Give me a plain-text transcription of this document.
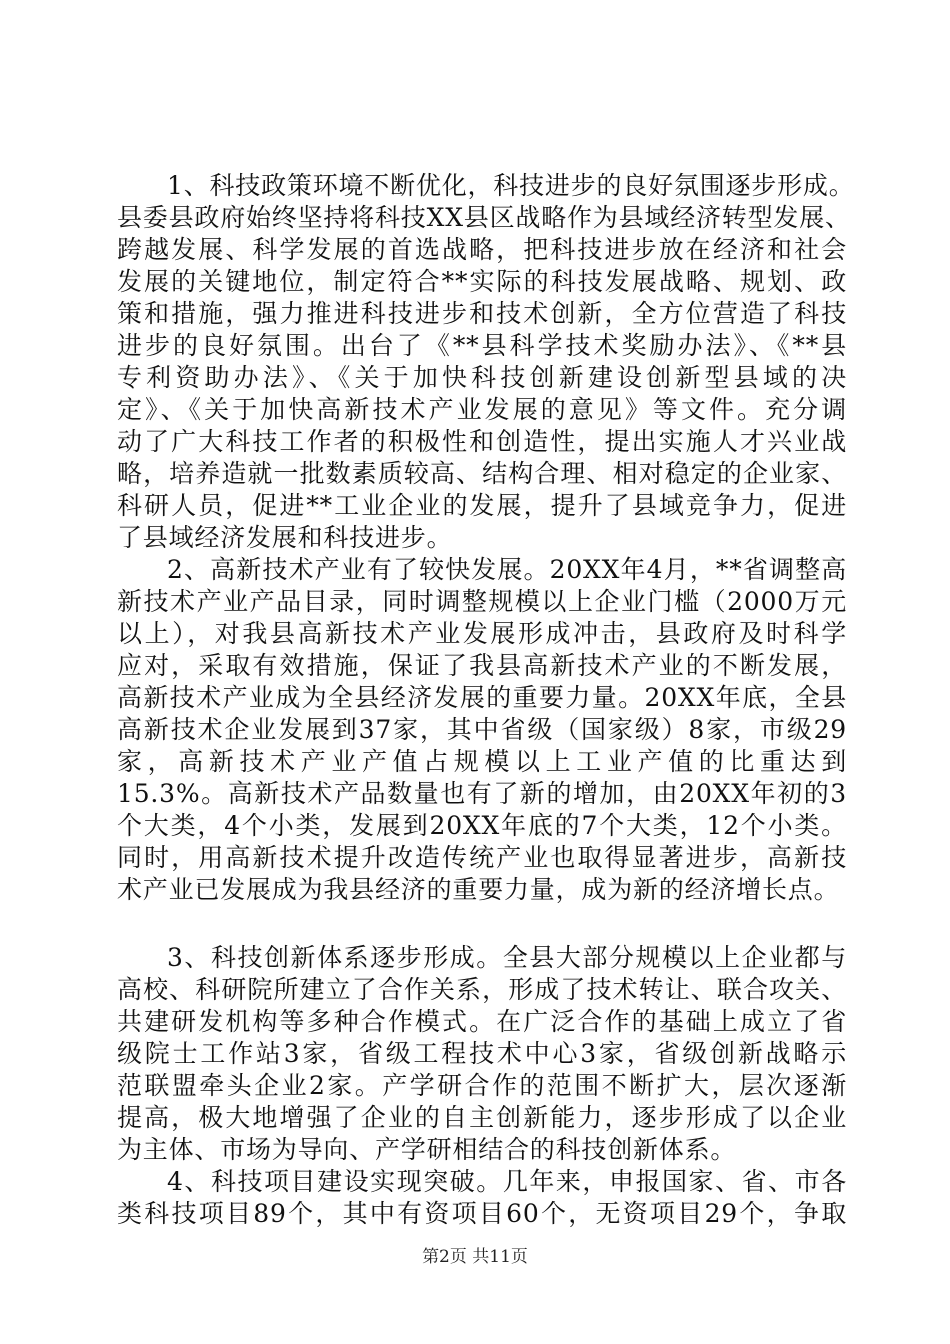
1、科技政策环境不断优化，科技进步的良好氛围逐步形成。
县委县政府始终坚持将科技XX县区战略作为县域经济转型发展、
跨越发展、科学发展的首选战略，把科技进步放在经济和社会
发展的关键地位，制定符合**实际的科技发展战略、规划、政
策和措施，强力推进科技进步和技术创新，全方位营造了科技
进步的良好氛围。出台了《**县科学技术奖励办法》、《**县
专利资助办法》、《关于加快科技创新建设创新型县域的决
定》、《关于加快高新技术产业发展的意见》等文件。充分调
动了广大科技工作者的积极性和创造性，提出实施人才兴业战
略，培养造就一批数素质较高、结构合理、相对稳定的企业家、
科研人员，促进**工业企业的发展，提升了县域竞争力，促进
了县域经济发展和科技进步。
2、高新技术产业有了较快发展。20XX年4月，**省调整高
新技术产业产品目录，同时调整规模以上企业门槛（2000万元
以上），对我县高新技术产业发展形成冲击，县政府及时科学
应对，采取有效措施，保证了我县高新技术产业的不断发展，
高新技术产业成为全县经济发展的重要力量。20XX年底，全县
高新技术企业发展到37家，其中省级（国家级）8家，市级29
家，高新技术产业产值占规模以上工业产值的比重达到
15.3%。高新技术产品数量也有了新的增加，由20XX年初的3
个大类，4个小类，发展到20XX年底的7个大类，12个小类。
同时，用高新技术提升改造传统产业也取得显著进步，高新技
术产业已发展成为我县经济的重要力量，成为新的经济增长点。
3、科技创新体系逐步形成。全县大部分规模以上企业都与
高校、科研院所建立了合作关系，形成了技术转让、联合攻关、
共建研发机构等多种合作模式。在广泛合作的基础上成立了省
级院士工作站3家，省级工程技术中心3家，省级创新战略示
范联盟牵头企业2家。产学研合作的范围不断扩大，层次逐渐
提高，极大地增强了企业的自主创新能力，逐步形成了以企业
为主体、市场为导向、产学研相结合的科技创新体系。
4、科技项目建设实现突破。几年来，申报国家、省、市各
类科技项目89个，其中有资项目60个，无资项目29个，争取
第2页 共11页
